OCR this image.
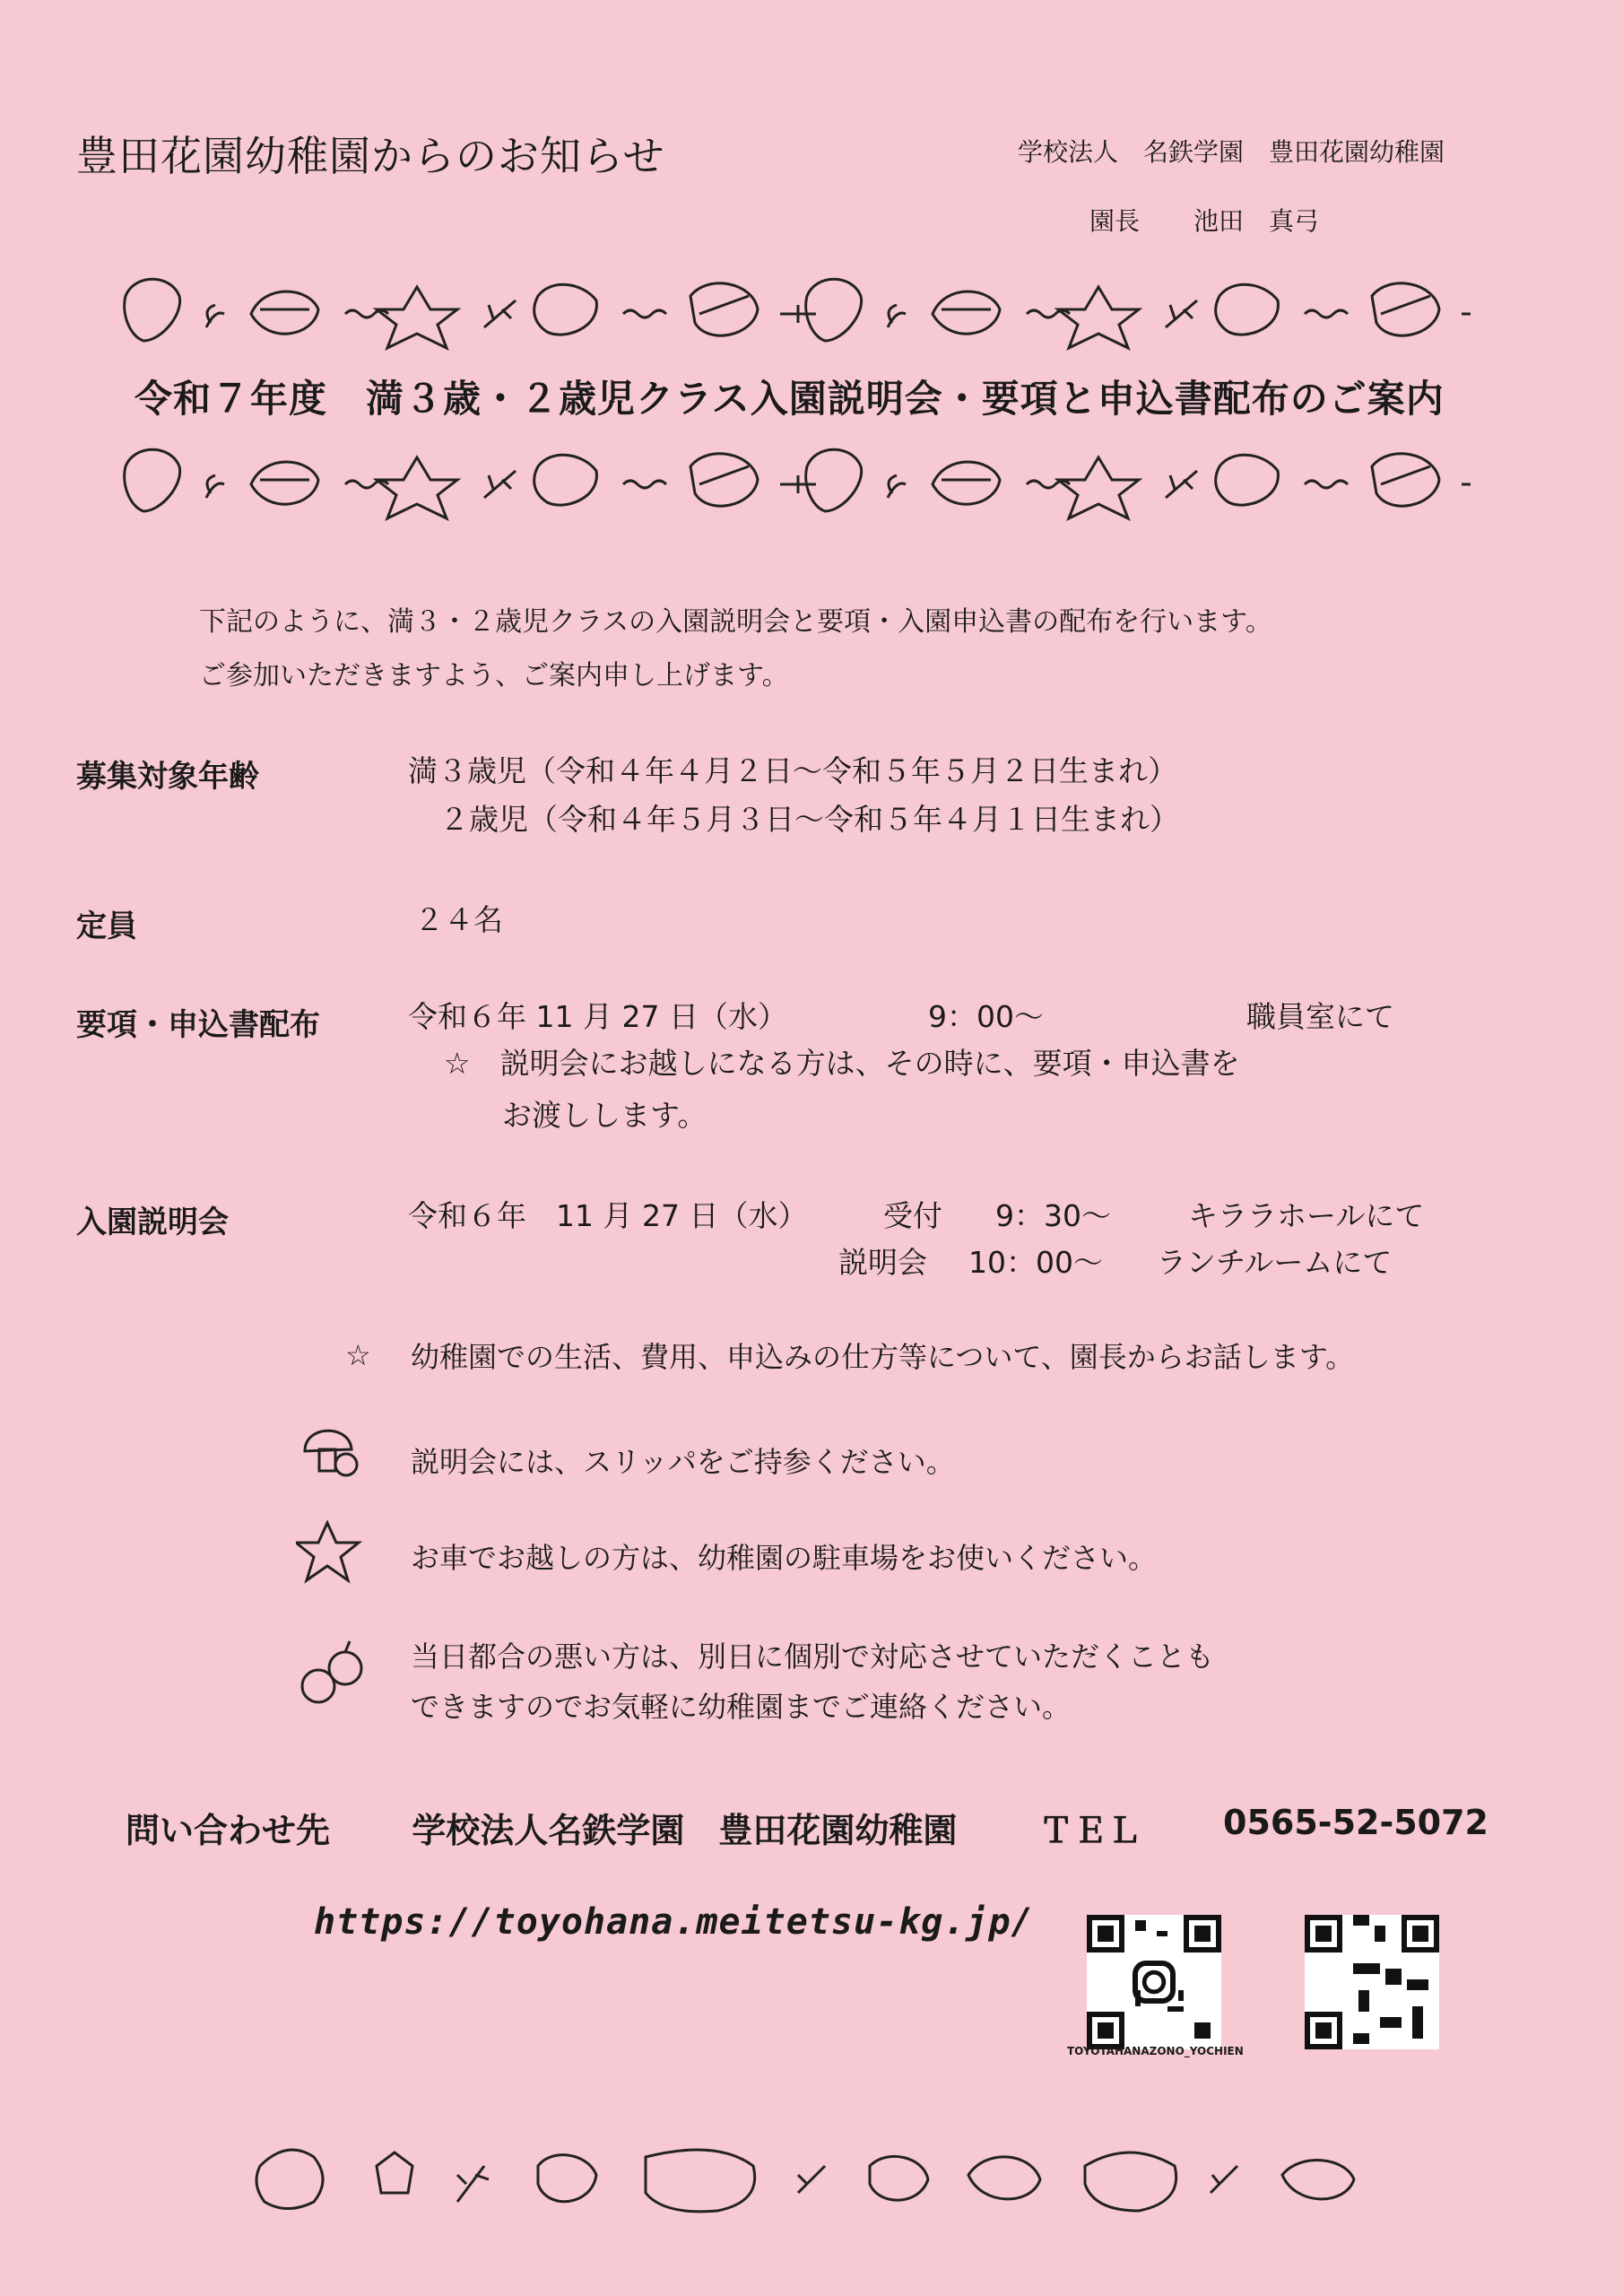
豊田花園幼稚園からのお知らせ	学校法人　名鉄学園　豊田花園幼稚園
園長 池田　真弓
令和７年度　満３歳・２歳児クラス入園説明会・要項と申込書配布のご案内
下記のように、満３・２歳児クラスの入園説明会と要項・入園申込書の配布を行います。
ご参加いただきますよう、ご案内申し上げます。
募集対象年齢	満３歳児（令和４年４月２日～令和５年５月２日生まれ）
２歳児（令和４年５月３日～令和５年４月１日生まれ）
定員	２４名
要項・申込書配布	令和６年 11 月 27 日（水）	9：00～	職員室にて
☆　説明会にお越しになる方は、その時に、要項・申込書を
お渡しします。
入園説明会	令和６年　11 月 27 日（水）	受付 9：30～	キララホールにて
説明会 10：00～ ランチルームにて
☆ 幼稚園での生活、費用、申込みの仕方等について、園長からお話します。
説明会には、スリッパをご持参ください。
お車でお越しの方は、幼稚園の駐車場をお使いください。
当日都合の悪い方は、別日に個別で対応させていただくことも
できますのでお気軽に幼稚園までご連絡ください。
問い合わせ先 学校法人名鉄学園　豊田花園幼稚園 ＴＥＬ 0565-52-5072
https://toyohana.meitetsu-kg.jp/
TOYOTAHANAZONO_YOCHIEN
